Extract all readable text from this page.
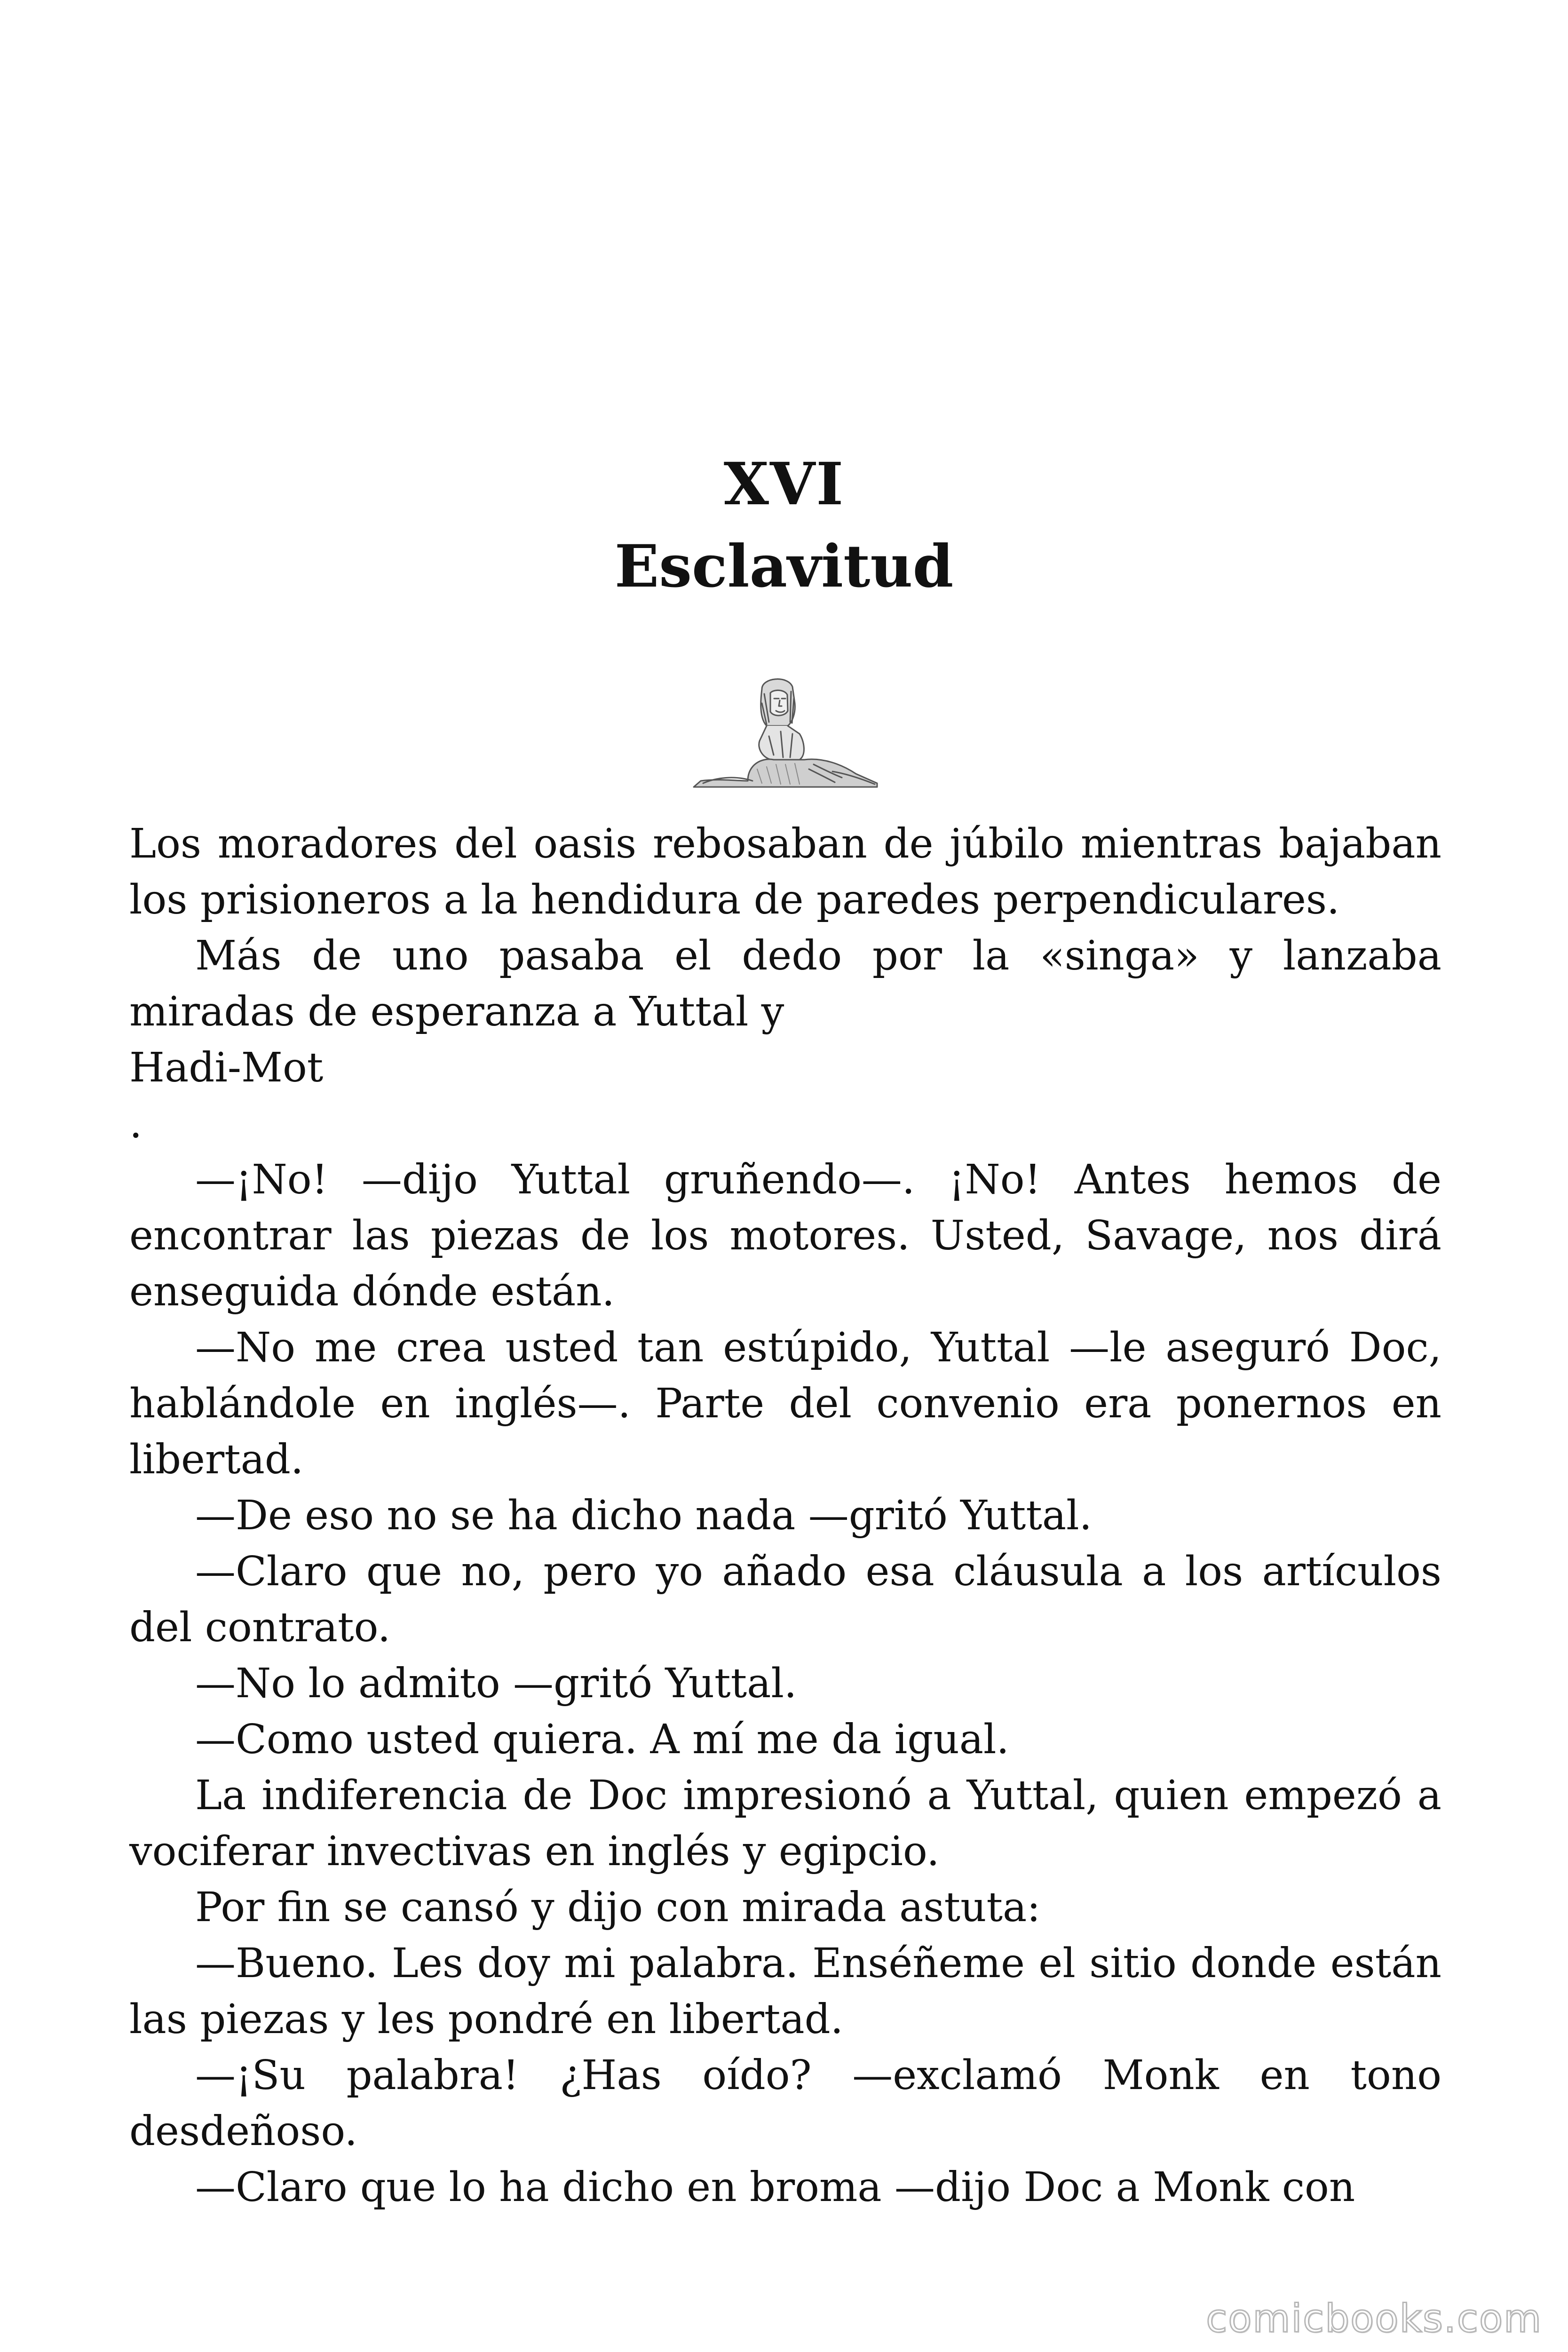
XVI
Esclavitud

Los moradores del oasis rebosaban de júbilo mientras bajaban los prisioneros a la hendidura de paredes perpendiculares.

Más de uno pasaba el dedo por la «singa» y lanzaba miradas de esperanza a Yuttal y

Hadi-Mot

.

—¡No! —dijo Yuttal gruñendo—. ¡No! Antes hemos de encontrar las piezas de los motores. Usted, Savage, nos dirá enseguida dónde están.

—No me crea usted tan estúpido, Yuttal —le aseguró Doc, hablándole en inglés—. Parte del convenio era ponernos en libertad.

—De eso no se ha dicho nada —gritó Yuttal.

—Claro que no, pero yo añado esa cláusula a los artículos del contrato.

—No lo admito —gritó Yuttal.

—Como usted quiera. A mí me da igual.

La indiferencia de Doc impresionó a Yuttal, quien empezó a vociferar invectivas en inglés y egipcio.

Por fin se cansó y dijo con mirada astuta:

—Bueno. Les doy mi palabra. Enséñeme el sitio donde están las piezas y les pondré en libertad.

—¡Su palabra! ¿Has oído? —exclamó Monk en tono desdeñoso.

—Claro que lo ha dicho en broma —dijo Doc a Monk con

comicbooks.com
